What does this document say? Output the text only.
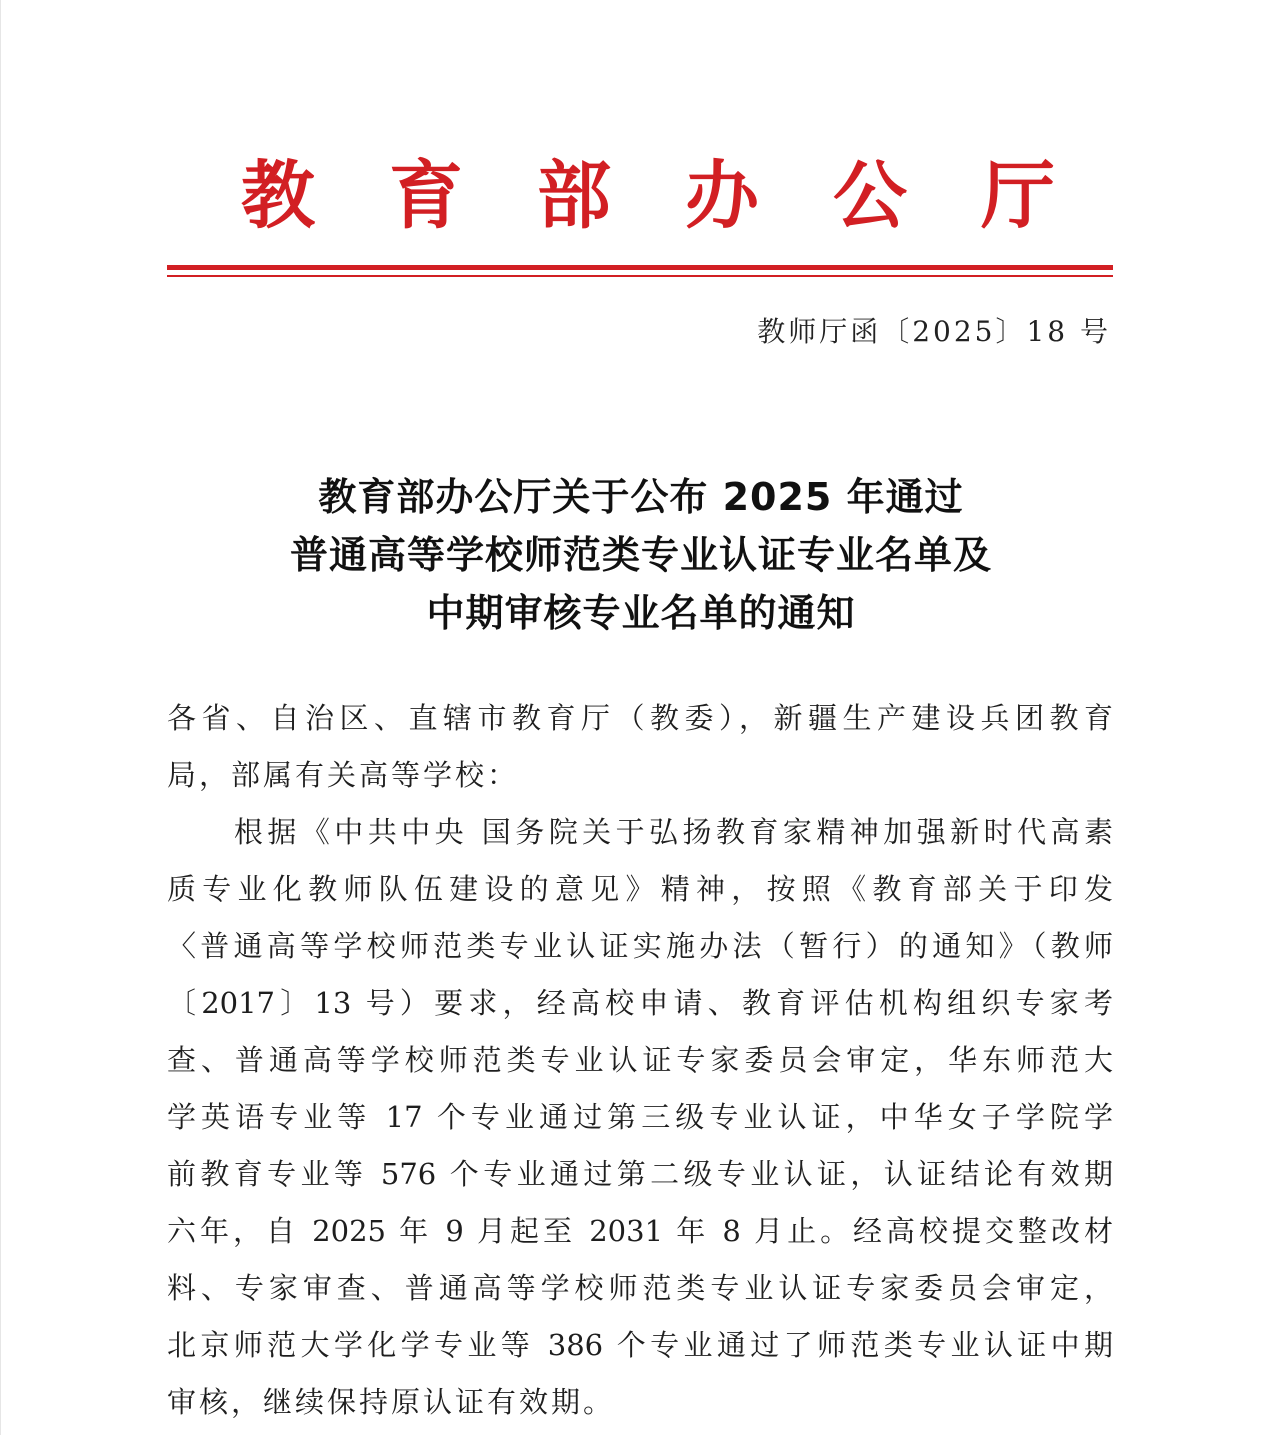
教育部办公厅
教师厅函〔2025〕18 号
教育部办公厅关于公布 2025 年通过
普通高等学校师范类专业认证专业名单及
中期审核专业名单的通知
各省、自治区、直辖市教育厅（教委），新疆生产建设兵团教育
局，部属有关高等学校：
　　根据《中共中央 国务院关于弘扬教育家精神加强新时代高素
质专业化教师队伍建设的意见》精神，按照《教育部关于印发
〈普通高等学校师范类专业认证实施办法（暂行）的通知》（教师
〔2017〕13 号）要求，经高校申请、教育评估机构组织专家考
查、普通高等学校师范类专业认证专家委员会审定，华东师范大
学英语专业等 17 个专业通过第三级专业认证，中华女子学院学
前教育专业等 576 个专业通过第二级专业认证，认证结论有效期
六年，自 2025 年 9 月起至 2031 年 8 月止。经高校提交整改材
料、专家审查、普通高等学校师范类专业认证专家委员会审定，
北京师范大学化学专业等 386 个专业通过了师范类专业认证中期
审核，继续保持原认证有效期。
